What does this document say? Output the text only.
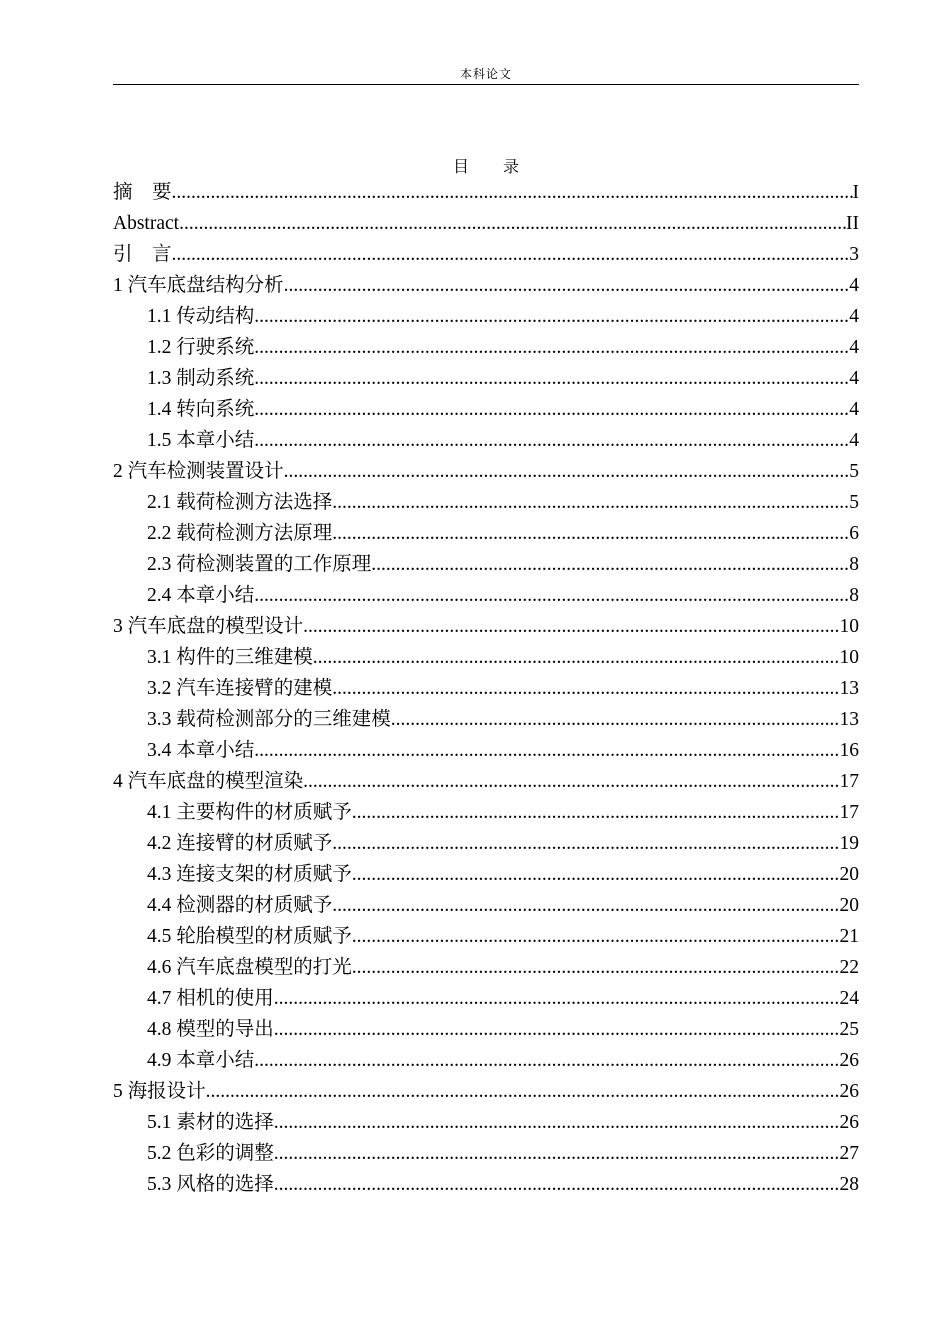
本科论文
目 录
摘　要 .....	I
Abstract .....	II
引　言 .....	3
1 汽车底盘结构分析 .....	4
1.1 传动结构 .....	4
1.2 行驶系统 .....	4
1.3 制动系统 .....	4
1.4 转向系统 .....	4
1.5 本章小结 .....	4
2 汽车检测装置设计 .....	5
2.1 载荷检测方法选择 .....	5
2.2 载荷检测方法原理 .....	6
2.3 荷检测装置的工作原理 .....	8
2.4 本章小结 .....	8
3 汽车底盘的模型设计 .....	10
3.1 构件的三维建模 .....	10
3.2 汽车连接臂的建模 .....	13
3.3 载荷检测部分的三维建模 .....	13
3.4 本章小结 .....	16
4 汽车底盘的模型渲染 .....	17
4.1 主要构件的材质赋予 .....	17
4.2 连接臂的材质赋予 .....	19
4.3 连接支架的材质赋予 .....	20
4.4 检测器的材质赋予 .....	20
4.5 轮胎模型的材质赋予 .....	21
4.6 汽车底盘模型的打光 .....	22
4.7 相机的使用 .....	24
4.8 模型的导出 .....	25
4.9 本章小结 .....	26
5 海报设计 .....	26
5.1 素材的选择 .....	26
5.2 色彩的调整 .....	27
5.3 风格的选择 .....	28
